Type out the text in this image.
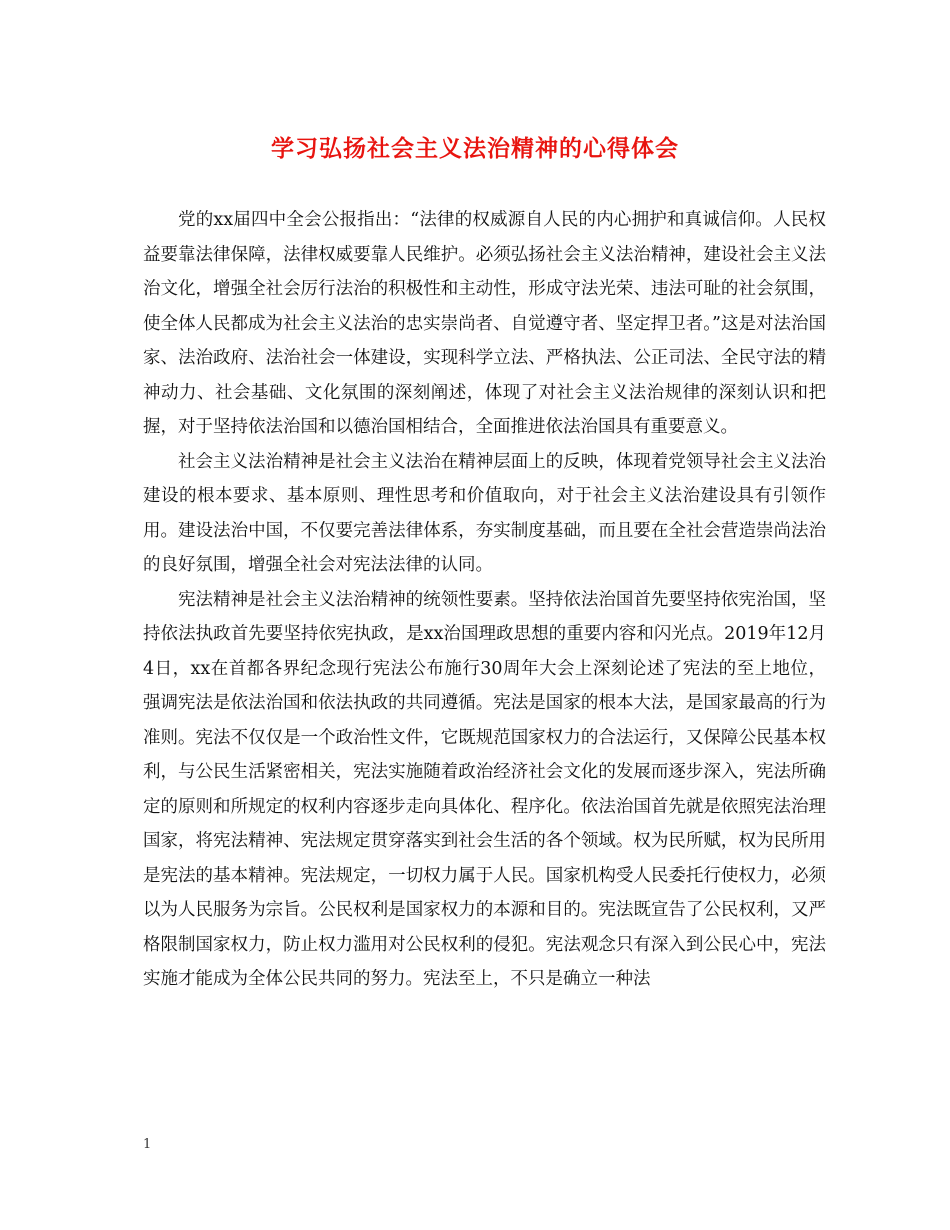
学习弘扬社会主义法治精神的心得体会

党的xx届四中全会公报指出：“法律的权威源自人民的内心拥护和真诚信仰。人民权益要靠法律保障，法律权威要靠人民维护。必须弘扬社会主义法治精神，建设社会主义法治文化，增强全社会厉行法治的积极性和主动性，形成守法光荣、违法可耻的社会氛围，使全体人民都成为社会主义法治的忠实崇尚者、自觉遵守者、坚定捍卫者。”这是对法治国家、法治政府、法治社会一体建设，实现科学立法、严格执法、公正司法、全民守法的精神动力、社会基础、文化氛围的深刻阐述，体现了对社会主义法治规律的深刻认识和把握，对于坚持依法治国和以德治国相结合，全面推进依法治国具有重要意义。

社会主义法治精神是社会主义法治在精神层面上的反映，体现着党领导社会主义法治建设的根本要求、基本原则、理性思考和价值取向，对于社会主义法治建设具有引领作用。建设法治中国，不仅要完善法律体系，夯实制度基础，而且要在全社会营造崇尚法治的良好氛围，增强全社会对宪法法律的认同。

宪法精神是社会主义法治精神的统领性要素。坚持依法治国首先要坚持依宪治国，坚持依法执政首先要坚持依宪执政，是xx治国理政思想的重要内容和闪光点。2019年12月4日，xx在首都各界纪念现行宪法公布施行30周年大会上深刻论述了宪法的至上地位，强调宪法是依法治国和依法执政的共同遵循。宪法是国家的根本大法，是国家最高的行为准则。宪法不仅仅是一个政治性文件，它既规范国家权力的合法运行，又保障公民基本权利，与公民生活紧密相关，宪法实施随着政治经济社会文化的发展而逐步深入，宪法所确定的原则和所规定的权利内容逐步走向具体化、程序化。依法治国首先就是依照宪法治理国家，将宪法精神、宪法规定贯穿落实到社会生活的各个领域。权为民所赋，权为民所用是宪法的基本精神。宪法规定，一切权力属于人民。国家机构受人民委托行使权力，必须以为人民服务为宗旨。公民权利是国家权力的本源和目的。宪法既宣告了公民权利，又严格限制国家权力，防止权力滥用对公民权利的侵犯。宪法观念只有深入到公民心中，宪法实施才能成为全体公民共同的努力。宪法至上，不只是确立一种法

1
